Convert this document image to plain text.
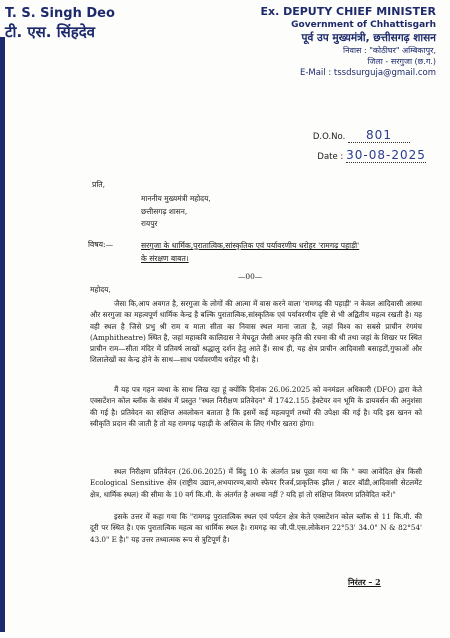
T. S. Singh Deo
टी. एस. सिंहदेव
Ex. DEPUTY CHIEF MINISTER
Government of Chhattisgarh
पूर्व उप मुख्यमंत्री, छत्तीसगढ़ शासन
निवास : "कोठीघर" अम्बिकापुर,
जिला - सरगुजा (छ.ग.)
E-Mail : tssdsurguja@gmail.com
D.O.No. 801
Date : 30-08-2025
प्रति,
माननीय मुख्यमंत्री महोदय,
छत्तीसगढ़ शासन,
रायपुर
विषय:—	सरगुजा के धार्मिक,पुरातात्विक,सांस्कृतिक एवं पर्यावरणीय धरोहर 'रामगढ़ पहाड़ी'
के संरक्षण बाबत।
—00—
महोदय,
जैसा कि,आप अवगत है, सरगुजा के लोगों की आत्मा में वास करने वाला 'रामगढ़ की पहाड़ी' न केवल आदिवासी आस्था और सरगुजा का महत्वपूर्ण धार्मिक केन्द्र है बल्कि पुरातात्विक,सांस्कृतिक एवं पर्यावरणीय दृष्टि से भी अद्वितीय महत्व रखती है। यह वही स्थल है जिसे प्रभु श्री राम व माता सीता का निवास स्थल माना जाता है, जहां विश्व का सबसे प्राचीन रंगमंच (Amphitheatre) स्थित है, जहां महाकवि कालिदास ने मेघदूत जैसी अमर कृति की रचना की थी तथा जहां के शिखर पर स्थित प्राचीन राम—सीता मंदिर में प्रतिवर्ष लाखों श्रद्धालु दर्शन हेतु आते हैं। साथ ही, यह क्षेत्र प्राचीन आदिवासी बसाहटों,गुफाओं और शिलालेखों का केन्द्र होने के साथ—साथ पर्यावरणीय धरोहर भी है।
मैं यह पत्र गहन व्यथा के साथ लिख रहा हूं क्योंकि दिनांक 26.06.2025 को वनमंडल अधिकारी (DFO) द्वारा केते एक्सटेंशन कोल ब्लॉक के संबंध में प्रस्तुत "स्थल निरीक्षण प्रतिवेदन" में 1742.155 हेक्टेयर वन भूमि के डायवर्सन की अनुशंसा की गई है। प्रतिवेदन का संक्षिप्त अवलोकन बताता है कि इसमें कई महत्वपूर्ण तथ्यों की उपेक्षा की गई है। यदि इस खनन को स्वीकृति प्रदान की जाती है तो यह रामगढ़ पहाड़ी के अस्तित्व के लिए गंभीर खतरा होगा।
स्थल निरीक्षण प्रतिवेदन (26.06.2025) में बिंदु 10 के अंतर्गत प्रश्न पूछा गया था कि " क्या आवेदित क्षेत्र किसी Ecological Sensitive क्षेत्र (राष्ट्रीय उद्यान,अभयारण्य,बायो स्फेयर रिजर्व,प्राकृतिक झील / बाटर बॉडी,आदिवासी सेटलमेंट क्षेत्र, धार्मिक स्थल) की सीमा के 10 वर्ग कि.मी. के अंतर्गत है अथवा नहीं ? यदि हां तो संक्षिप्त विवरण प्रतिवेदित करें।"
इसके उत्तर में कहा गया कि "रामगढ़ पुरातात्विक स्थल एवं पर्यटन क्षेत्र केते एक्सटेंशन कोल ब्लॉक से 11 कि.मी. की दूरी पर स्थित है। एक पुरातात्विक महत्व का धार्मिक स्थल है। रामगढ़ का जी.पी.एस.लोकेशन 22°53' 34.0" N & 82°54' 43.0" E है।" यह उत्तर तथ्यात्मक रूप से त्रुटिपूर्ण है।
निरंतर – 2
